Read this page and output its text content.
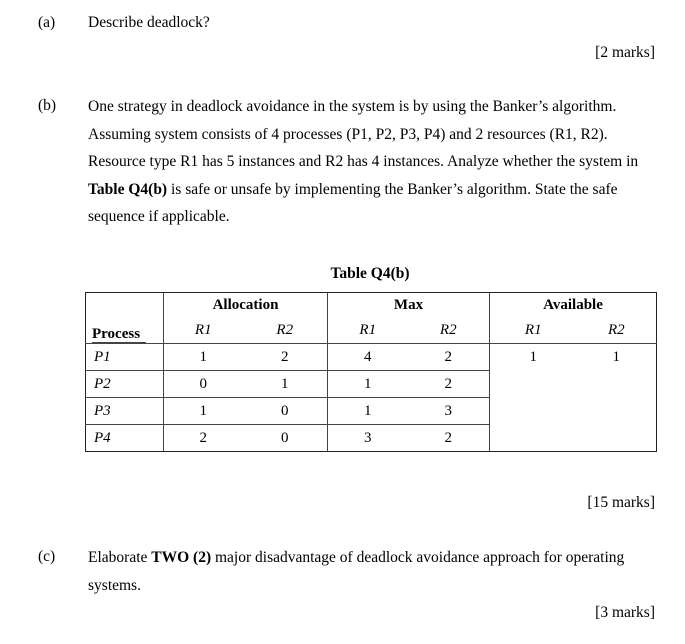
(a) Describe deadlock?
[2 marks]
(b) One strategy in deadlock avoidance in the system is by using the Banker’s algorithm.
Assuming system consists of 4 processes (P1, P2, P3, P4) and 2 resources (R1, R2).
Resource type R1 has 5 instances and R2 has 4 instances. Analyze whether the system in
Table Q4(b) is safe or unsafe by implementing the Banker’s algorithm. State the safe
sequence if applicable.
Table Q4(b)
Process	Allocation		Max		Available	
	R1	R2	R1	R2	R1	R2
P1	1	2	4	2	1	1
P2	0	1	1	2		
P3	1	0	1	3		
P4	2	0	3	2		
[15 marks]
(c) Elaborate TWO (2) major disadvantage of deadlock avoidance approach for operating
systems.
[3 marks]
